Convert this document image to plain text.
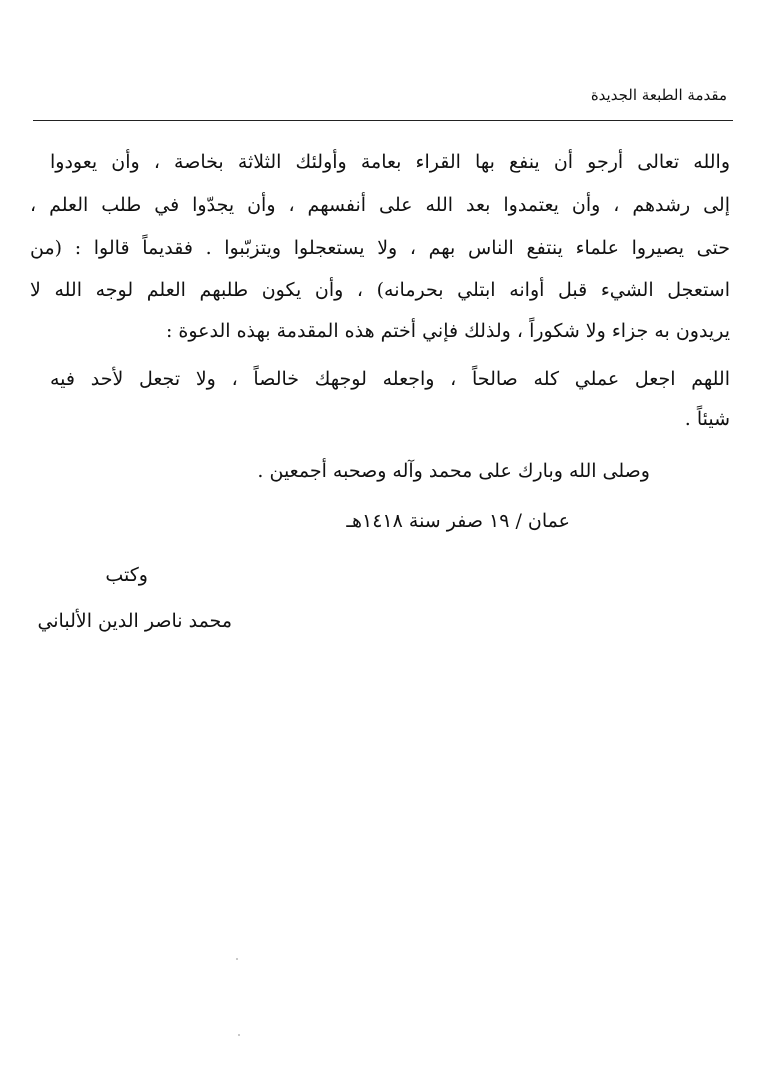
مقدمة الطبعة الجديدة
والله تعالى أرجو أن ينفع بها القراء بعامة وأولئك الثلاثة بخاصة ، وأن يعودوا
إلى رشدهم ، وأن يعتمدوا بعد الله على أنفسهم ، وأن يجدّوا في طلب العلم ،
حتى يصيروا علماء ينتفع الناس بهم ، ولا يستعجلوا ويتزبّبوا . فقديماً قالوا : (من
استعجل الشيء قبل أوانه ابتلي بحرمانه) ، وأن يكون طلبهم العلم لوجه الله لا
يريدون به جزاء ولا شكوراً ، ولذلك فإني أختم هذه المقدمة بهذه الدعوة :
اللهم اجعل عملي كله صالحاً ، واجعله لوجهك خالصاً ، ولا تجعل لأحد فيه
شيئاً .
وصلى الله وبارك على محمد وآله وصحبه أجمعين .
عمان / ١٩ صفر سنة ١٤١٨هـ
وكتب
محمد ناصر الدين الألباني
